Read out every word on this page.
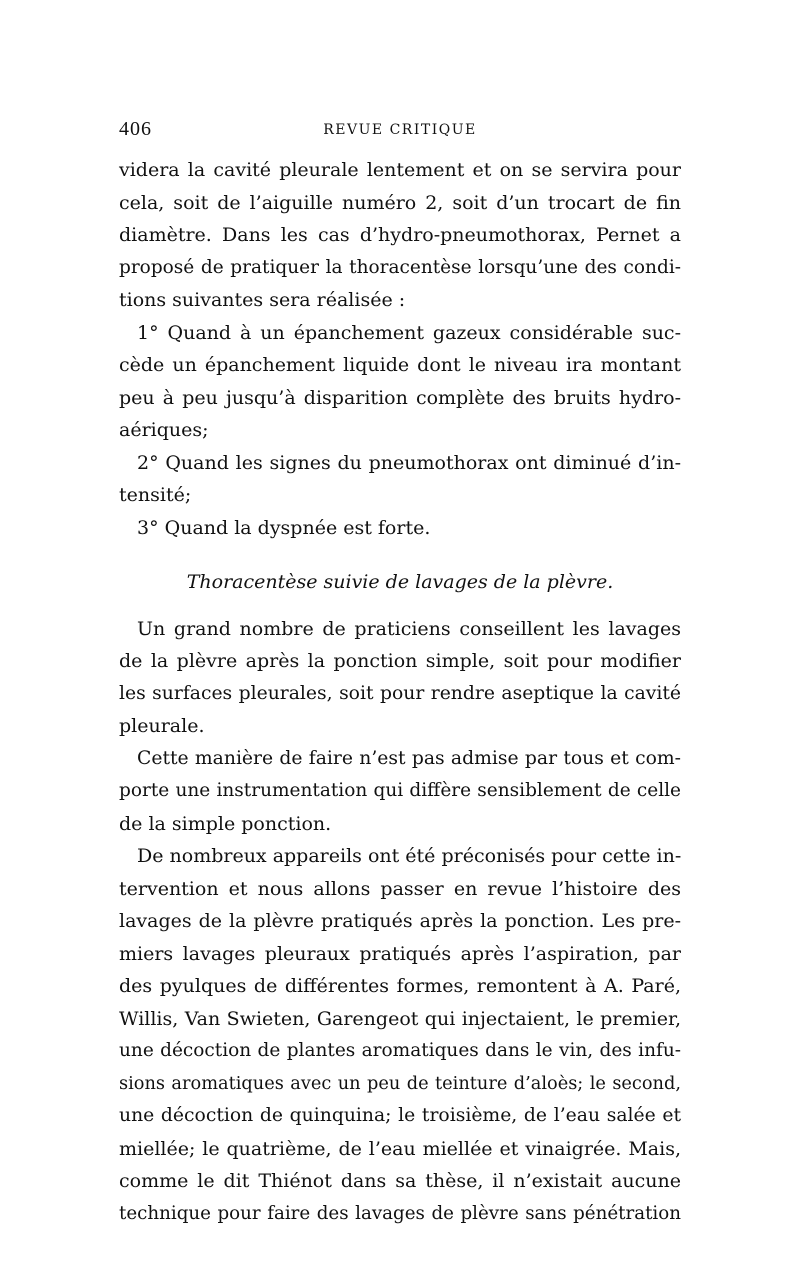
406	REVUE CRITIQUE
videra la cavité pleurale lentement et on se servira pour
cela, soit de l’aiguille numéro 2, soit d’un trocart de fin
diamètre. Dans les cas d’hydro-pneumothorax, Pernet a
proposé de pratiquer la thoracentèse lorsqu’une des condi-
tions suivantes sera réalisée :
1° Quand à un épanchement gazeux considérable suc-
cède un épanchement liquide dont le niveau ira montant
peu à peu jusqu’à disparition complète des bruits hydro-
aériques;
2° Quand les signes du pneumothorax ont diminué d’in-
tensité;
3° Quand la dyspnée est forte.
Thoracentèse suivie de lavages de la plèvre.
Un grand nombre de praticiens conseillent les lavages
de la plèvre après la ponction simple, soit pour modifier
les surfaces pleurales, soit pour rendre aseptique la cavité
pleurale.
Cette manière de faire n’est pas admise par tous et com-
porte une instrumentation qui diffère sensiblement de celle
de la simple ponction.
De nombreux appareils ont été préconisés pour cette in-
tervention et nous allons passer en revue l’histoire des
lavages de la plèvre pratiqués après la ponction. Les pre-
miers lavages pleuraux pratiqués après l’aspiration, par
des pyulques de différentes formes, remontent à A. Paré,
Willis, Van Swieten, Garengeot qui injectaient, le premier,
une décoction de plantes aromatiques dans le vin, des infu-
sions aromatiques avec un peu de teinture d’aloès; le second,
une décoction de quinquina; le troisième, de l’eau salée et
miellée; le quatrième, de l’eau miellée et vinaigrée. Mais,
comme le dit Thiénot dans sa thèse, il n’existait aucune
technique pour faire des lavages de plèvre sans pénétration
